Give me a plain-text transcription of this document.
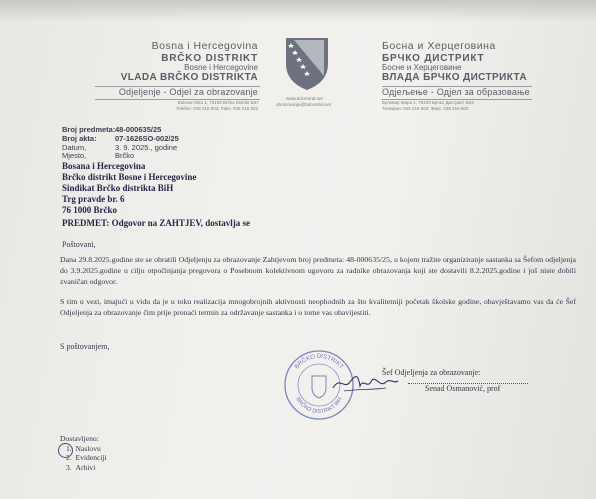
Bosna i Hercegovina
BRČKO DISTRIKT
Bosne i Hercegovine
VLADA BRČKO DISTRIKTA
Odjeljenje - Odjel za obrazovanje
Bulevar Mira 1, 76100 Brčko Distrikt BiH
Telefon: 049 216 503; Faks: 049 216 503
www.bdcentral.net
obrazovanje@bdcentral.net
Босна и Херцеговина
БРЧКО ДИСТРИКТ
Босне и Херцеговине
ВЛАДА БРЧКО ДИСТРИКТА
Одјељење - Одјел за образовање
Булевар Мира 1, 76100 Брчко Дистрикт БиХ
Телефон: 049 216 503; Факс: 049 216 503
Broj predmeta: 48-000635/25
Broj akta: 07-1626SO-002/25
Datum,	3. 9. 2025., godine
Mjesto,	Brčko
Bosana i Hercegovina
Brčko distrikt Bosne i Hercegovine
Sindikat Brčko distrikta BiH
Trg pravde br. 6
76 1000 Brčko
PREDMET: Odgovor na ZAHTJEV, dostavlja se
Poštovani,
Dana 29.8.2025.godine ste se obratili Odjeljenju za obrazovanje Zahtjevom broj predmeta: 48-000635/25, u kojem tražite organiziranje sastanka sa Šefom odjeljenja do 3.9.2025.godine u cilju otpočinjanja pregovora o Posebnom kolektivnom ugovoru za radnike obrazovanja koji ste dostavili 8.2.2025.godine i još niste dobili zvaničan odgovor.
S tim u vezi, imajući u vidu da je u toku realizacija mnogobrojnih aktivnosti neophodnih za što kvalitetniji početak školske godine, obavještavamo vas da će Šef Odjeljenja za obrazovanje čim prije pronaći termin za održavanje sastanka i o tome vas obavijestiti.
S poštovanjem,
BRČKO DISTRIKT
BRČKO DISTRIKT BiH
Šef Odjeljenja za obrazovanje:
Senad Osmanović, prof
Dostavljeno:
1.  Naslovu
2.  Evidenciji
3.  Arhivi
